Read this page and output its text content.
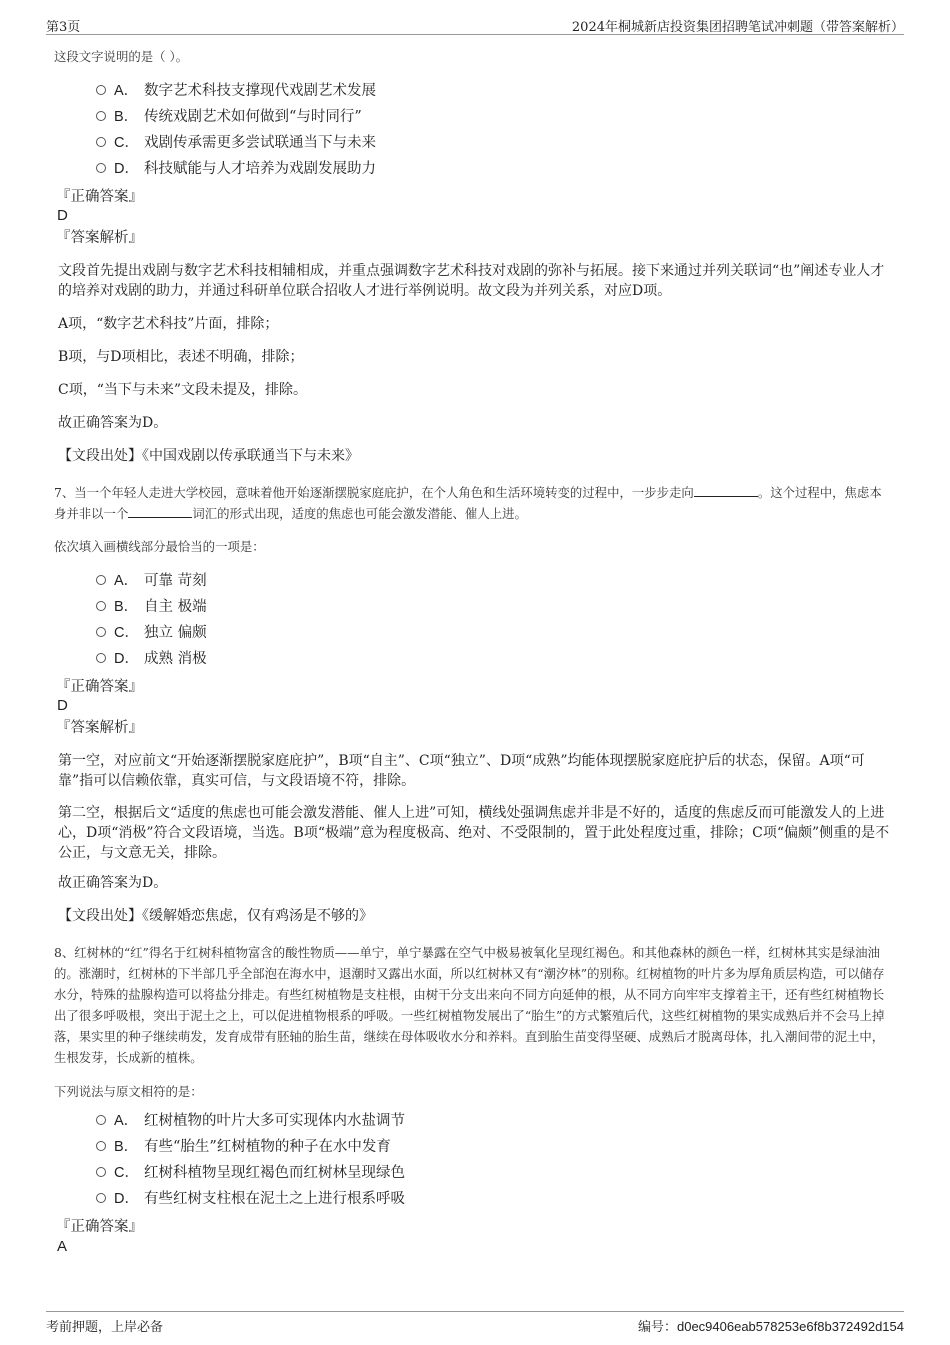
第3页	2024年桐城新店投资集团招聘笔试冲刺题（带答案解析）
这段文字说明的是（ ）。
A． 数字艺术科技支撑现代戏剧艺术发展
B． 传统戏剧艺术如何做到“与时同行”
C． 戏剧传承需更多尝试联通当下与未来
D． 科技赋能与人才培养为戏剧发展助力
『正确答案』
D
『答案解析』
文段首先提出戏剧与数字艺术科技相辅相成，并重点强调数字艺术科技对戏剧的弥补与拓展。接下来通过并列关联词“也”阐述专业人才的培养对戏剧的助力，并通过科研单位联合招收人才进行举例说明。故文段为并列关系，对应D项。
A项，“数字艺术科技”片面，排除；
B项，与D项相比，表述不明确，排除；
C项，“当下与未来”文段未提及，排除。
故正确答案为D。
【文段出处】《中国戏剧以传承联通当下与未来》
7、当一个年轻人走进大学校园，意味着他开始逐渐摆脱家庭庇护，在个人角色和生活环境转变的过程中，一步步走向	。这个过程中，焦虑本身并非以一个	词汇的形式出现，适度的焦虑也可能会激发潜能、催人上进。
依次填入画横线部分最恰当的一项是：
A． 可靠 苛刻
B． 自主 极端
C． 独立 偏颇
D． 成熟 消极
『正确答案』
D
『答案解析』
第一空，对应前文“开始逐渐摆脱家庭庇护”，B项“自主”、C项“独立”、D项“成熟”均能体现摆脱家庭庇护后的状态，保留。A项“可靠”指可以信赖依靠，真实可信，与文段语境不符，排除。
第二空，根据后文“适度的焦虑也可能会激发潜能、催人上进”可知，横线处强调焦虑并非是不好的，适度的焦虑反而可能激发人的上进心，D项“消极”符合文段语境，当选。B项“极端”意为程度极高、绝对、不受限制的，置于此处程度过重，排除；C项“偏颇”侧重的是不公正，与文意无关，排除。
故正确答案为D。
【文段出处】《缓解婚恋焦虑，仅有鸡汤是不够的》
8、红树林的“红”得名于红树科植物富含的酸性物质——单宁，单宁暴露在空气中极易被氧化呈现红褐色。和其他森林的颜色一样，红树林其实是绿油油的。涨潮时，红树林的下半部几乎全部泡在海水中，退潮时又露出水面，所以红树林又有“潮汐林”的别称。红树植物的叶片多为厚角质层构造，可以储存水分，特殊的盐腺构造可以将盐分排走。有些红树植物是支柱根，由树干分支出来向不同方向延伸的根，从不同方向牢牢支撑着主干，还有些红树植物长出了很多呼吸根，突出于泥土之上，可以促进植物根系的呼吸。一些红树植物发展出了“胎生”的方式繁殖后代，这些红树植物的果实成熟后并不会马上掉落，果实里的种子继续萌发，发育成带有胚轴的胎生苗，继续在母体吸收水分和养料。直到胎生苗变得坚硬、成熟后才脱离母体，扎入潮间带的泥土中，生根发芽，长成新的植株。
下列说法与原文相符的是：
A． 红树植物的叶片大多可实现体内水盐调节
B． 有些“胎生”红树植物的种子在水中发育
C． 红树科植物呈现红褐色而红树林呈现绿色
D． 有些红树支柱根在泥土之上进行根系呼吸
『正确答案』
A
考前押题，上岸必备	编号：d0ec9406eab578253e6f8b372492d154
